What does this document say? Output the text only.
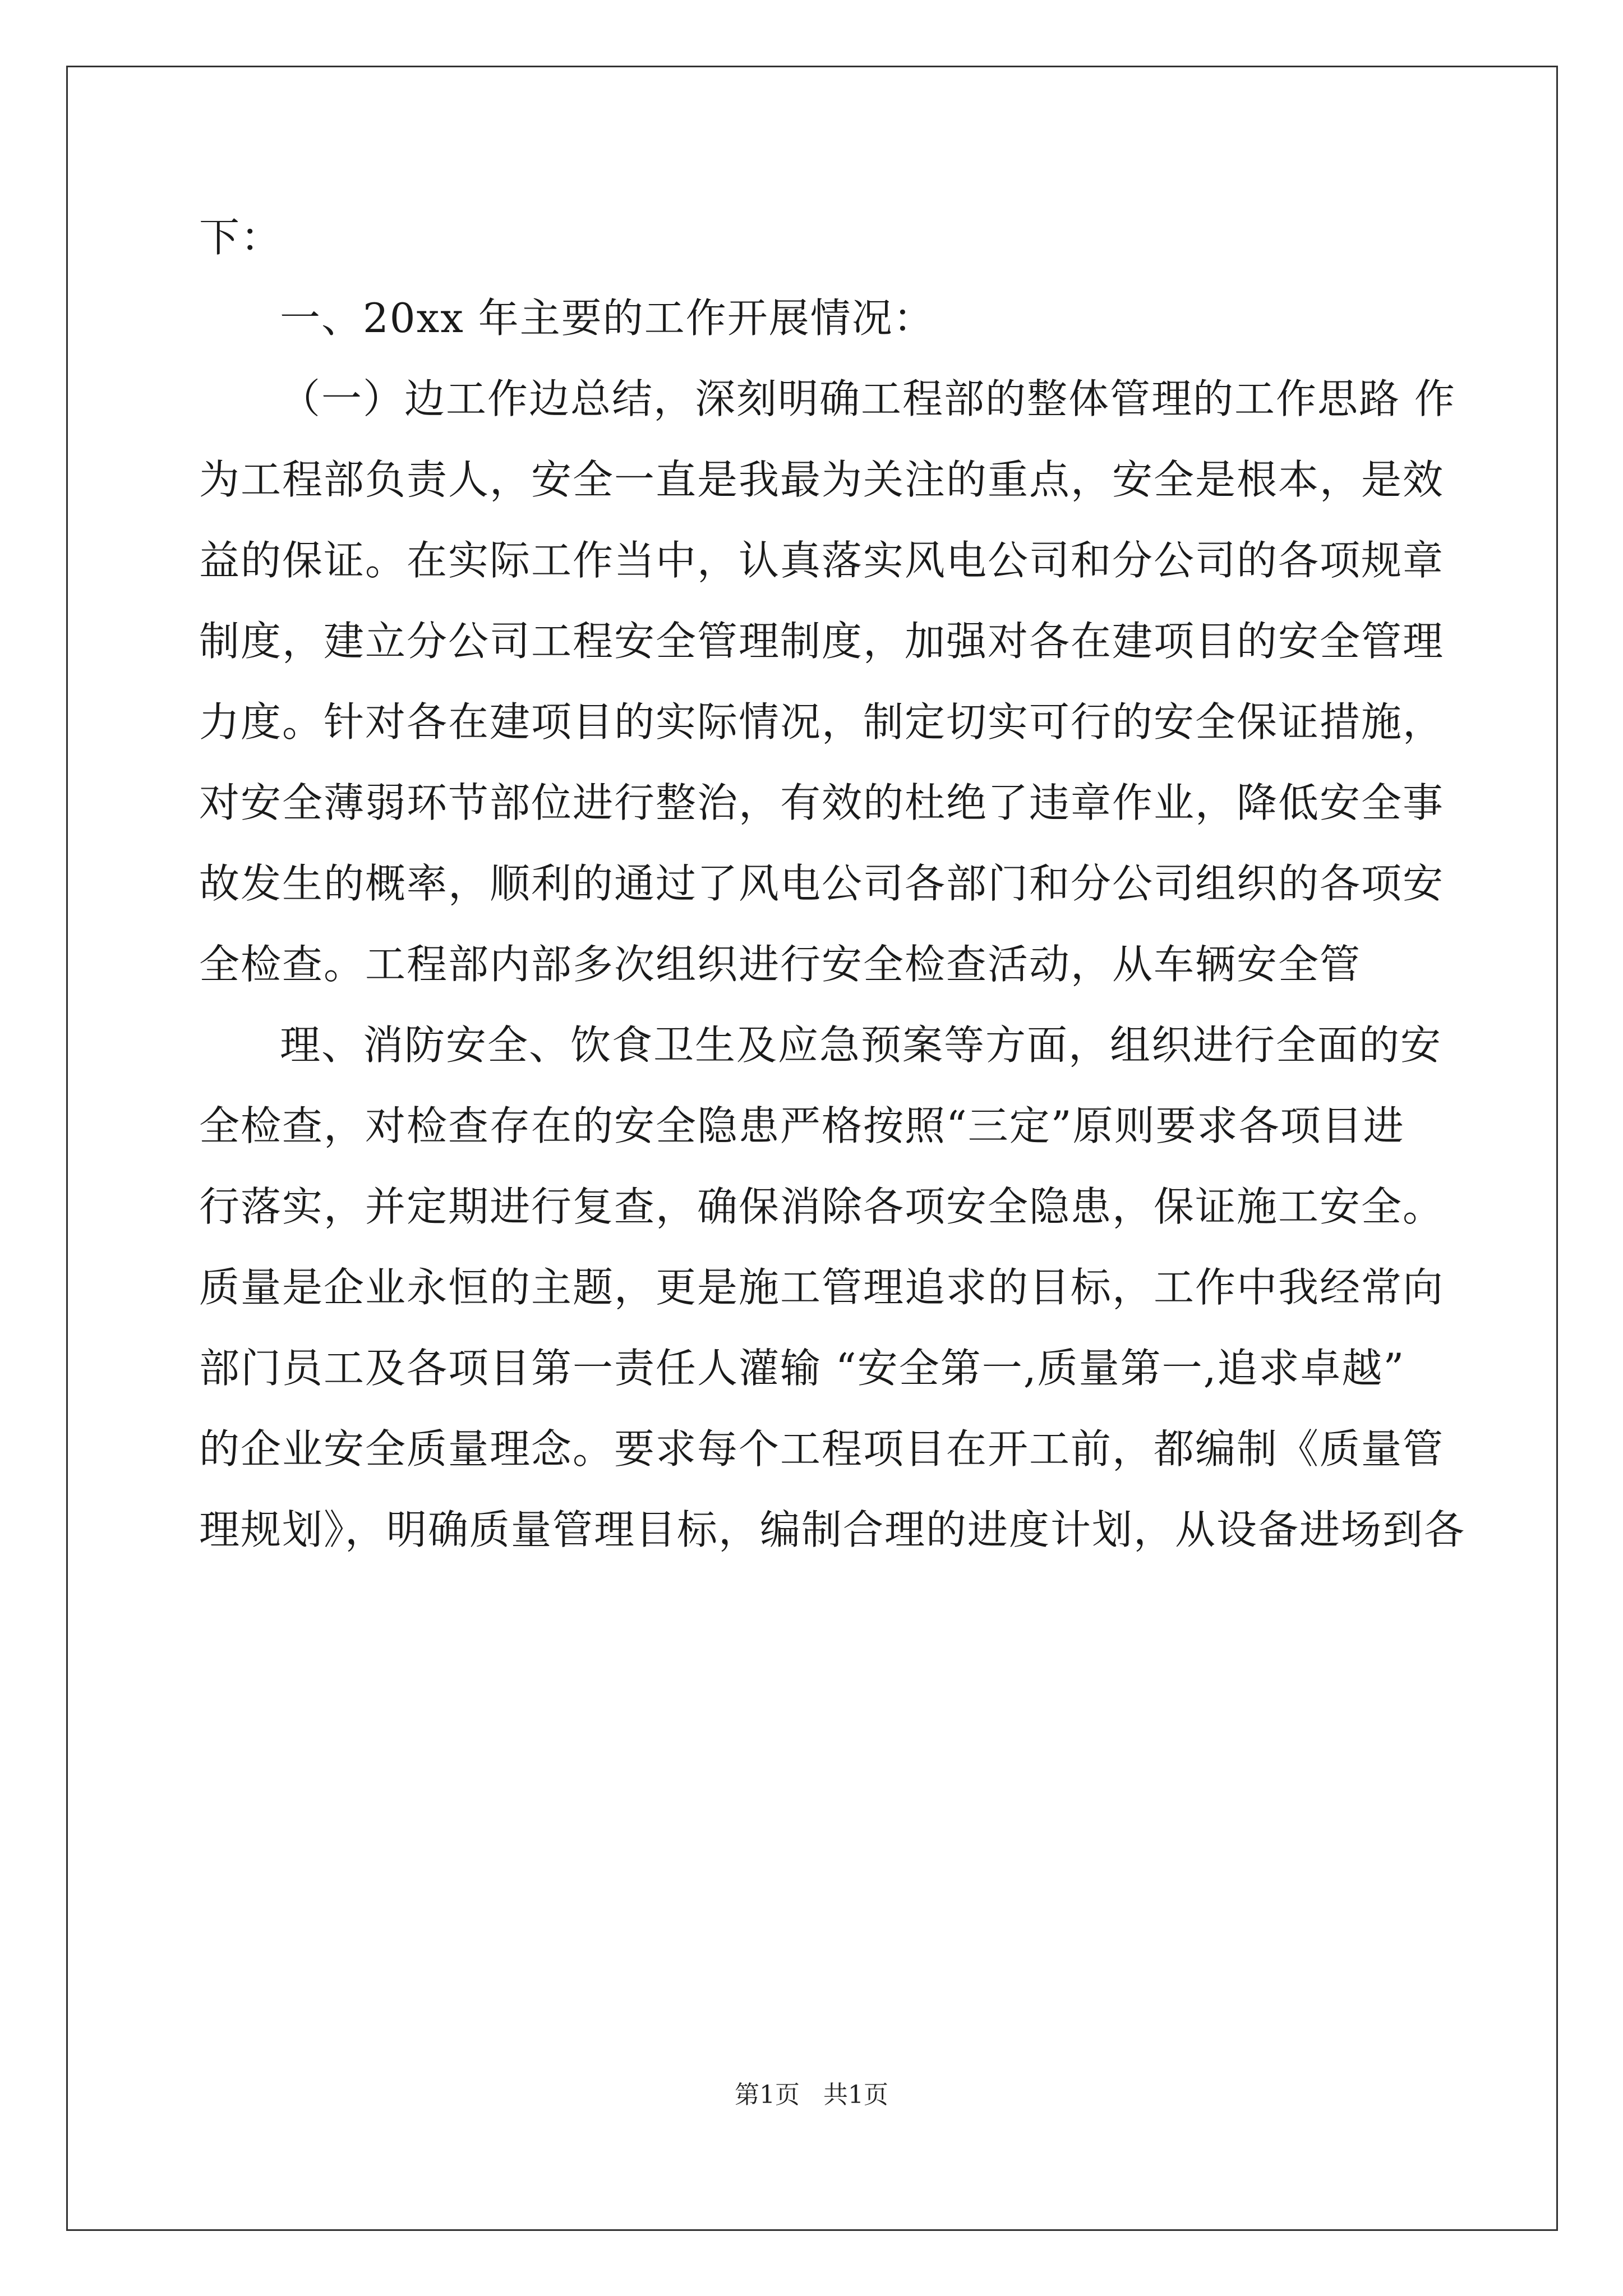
下：
一、20xx 年主要的工作开展情况：
（一）边工作边总结，深刻明确工程部的整体管理的工作思路 作
为工程部负责人，安全一直是我最为关注的重点，安全是根本，是效
益的保证。在实际工作当中，认真落实风电公司和分公司的各项规章
制度，建立分公司工程安全管理制度，加强对各在建项目的安全管理
力度。针对各在建项目的实际情况，制定切实可行的安全保证措施，
对安全薄弱环节部位进行整治，有效的杜绝了违章作业，降低安全事
故发生的概率，顺利的通过了风电公司各部门和分公司组织的各项安
全检查。工程部内部多次组织进行安全检查活动，从车辆安全管
理、消防安全、饮食卫生及应急预案等方面，组织进行全面的安
全检查，对检查存在的安全隐患严格按照“三定”原则要求各项目进
行落实，并定期进行复查，确保消除各项安全隐患，保证施工安全。
质量是企业永恒的主题，更是施工管理追求的目标，工作中我经常向
部门员工及各项目第一责任人灌输 “安全第一,质量第一,追求卓越”
的企业安全质量理念。要求每个工程项目在开工前，都编制《质量管
理规划》，明确质量管理目标，编制合理的进度计划，从设备进场到各
第1页   共1页
